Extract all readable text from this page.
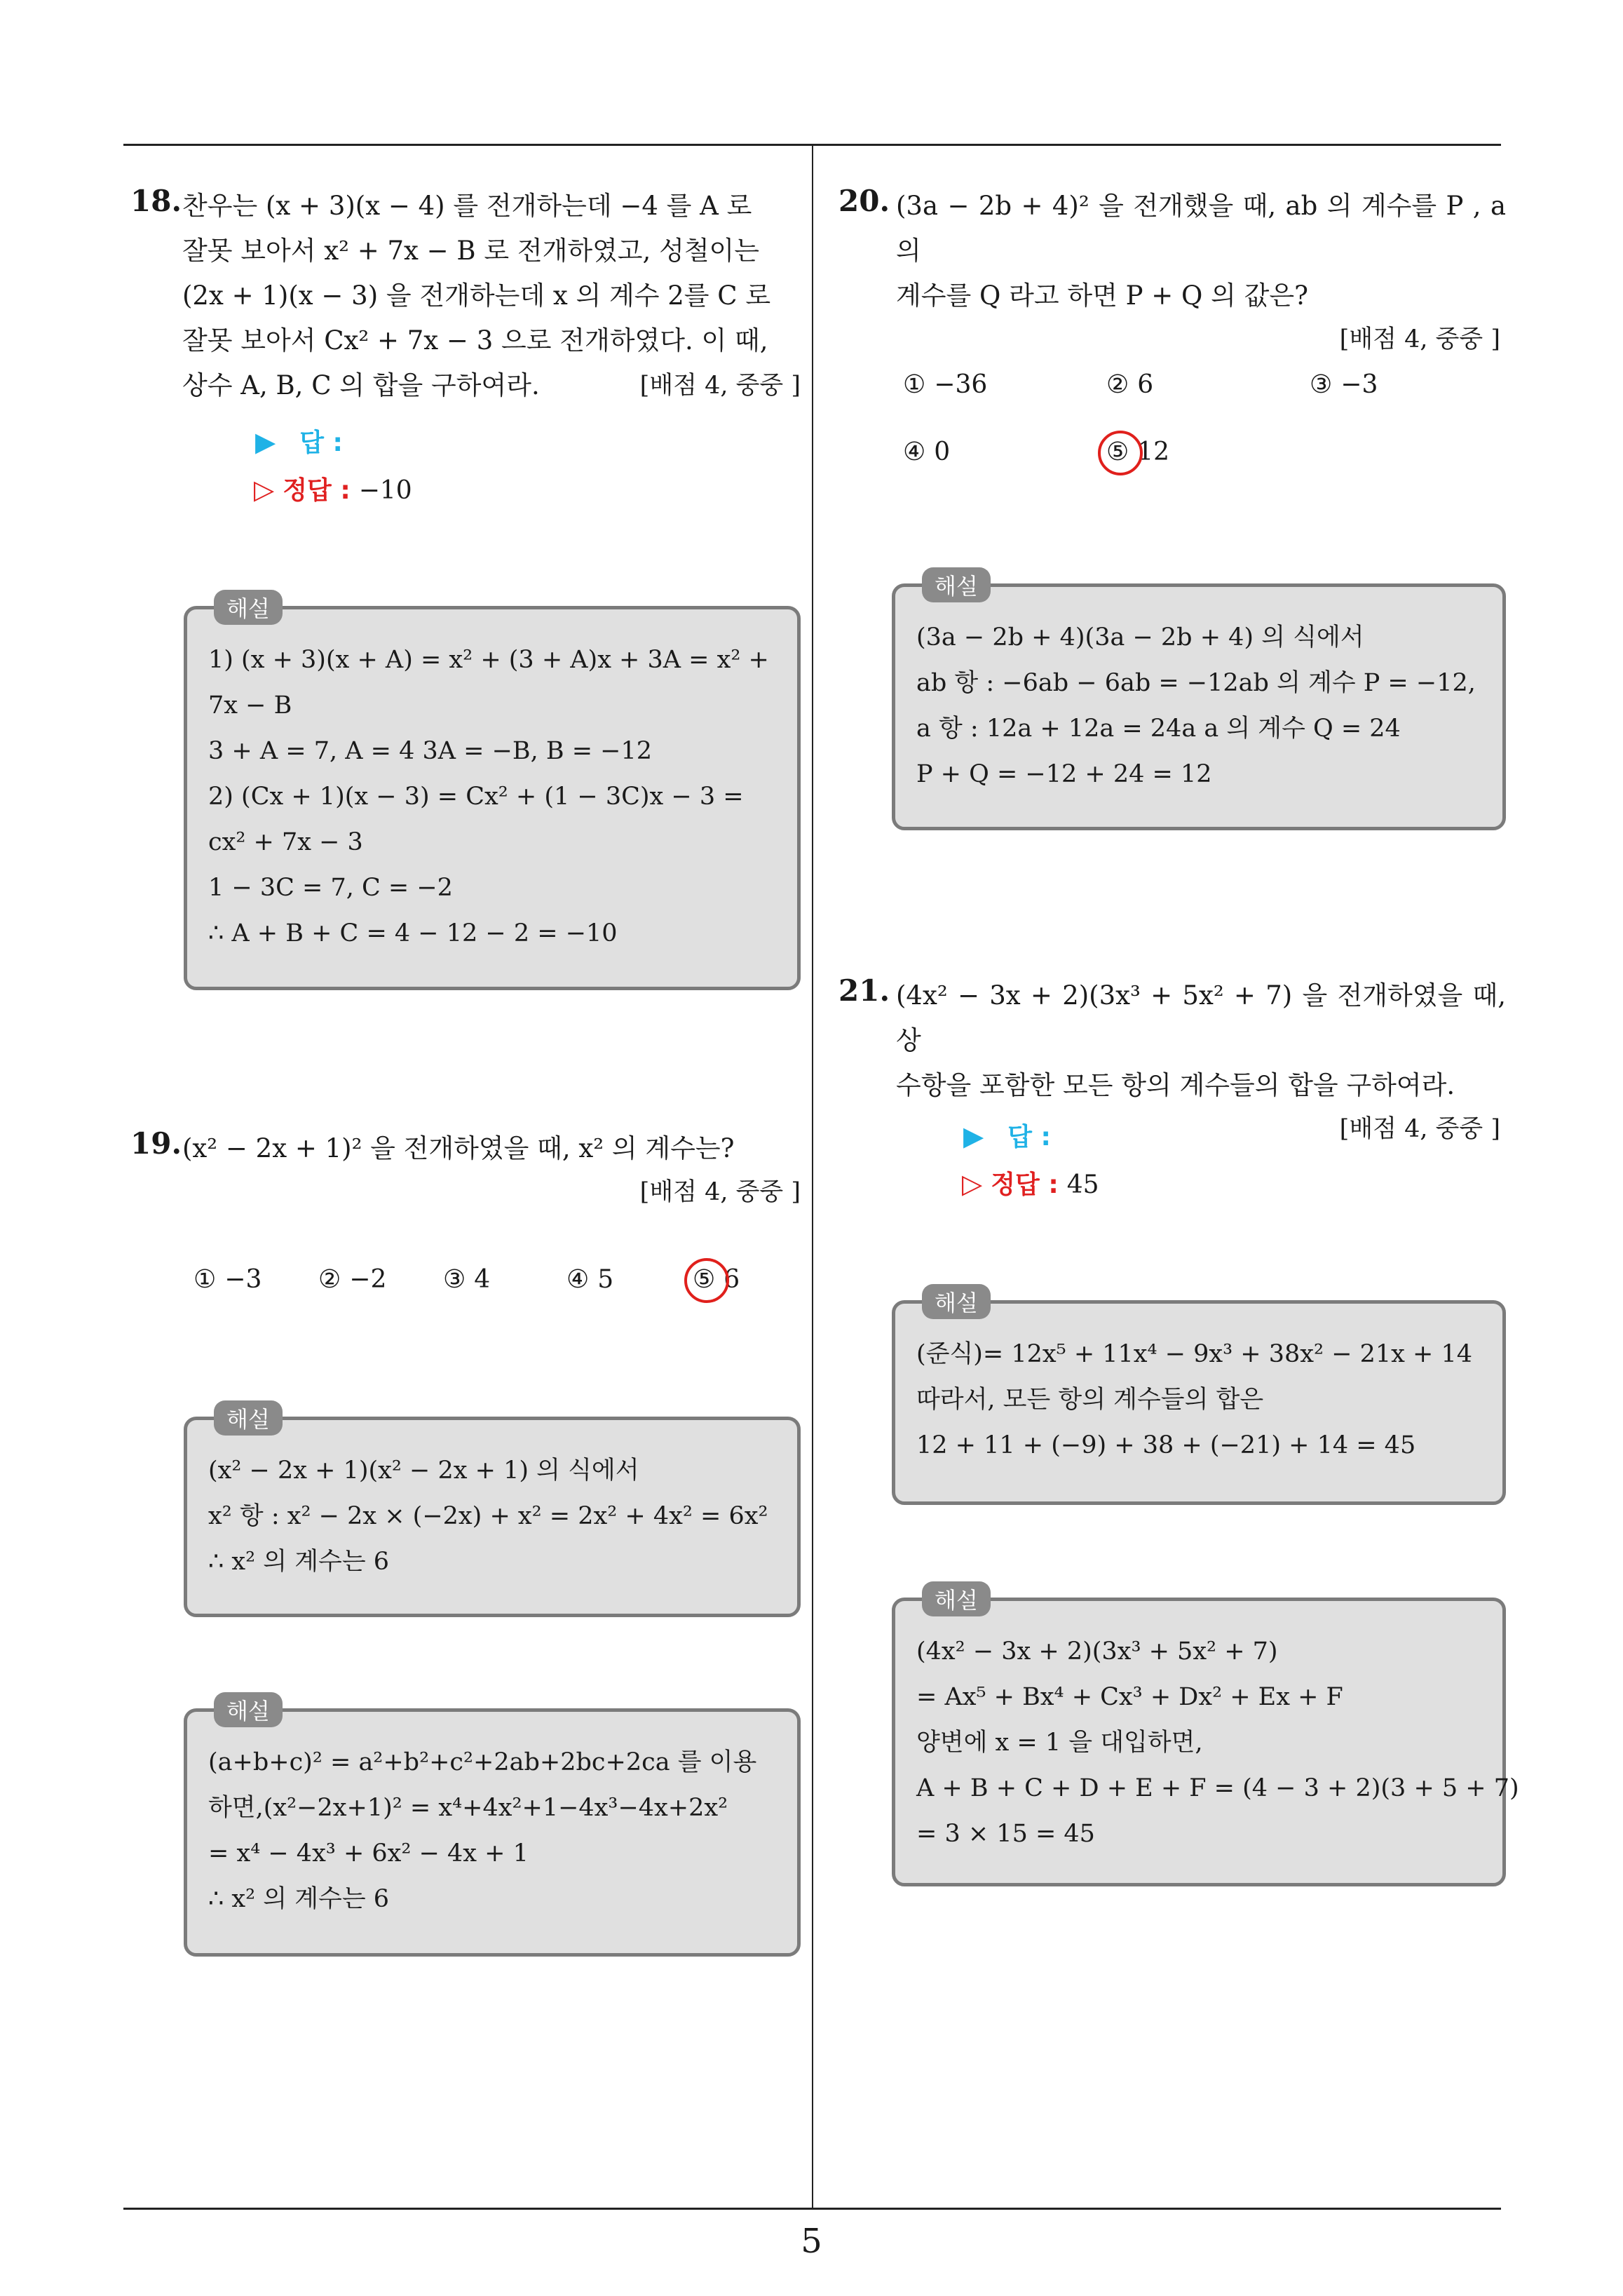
5
18. 찬우는 (x + 3)(x − 4) 를 전개하는데 −4 를 A 로
잘못 보아서 x² + 7x − B 로 전개하였고, 성철이는
(2x + 1)(x − 3) 을 전개하는데 x 의 계수 2를 C 로
잘못 보아서 Cx² + 7x − 3 으로 전개하였다. 이 때,
상수 A, B, C 의 합을 구하여라.	[배점 4, 중중 ]
▶ 답 :
▷ 정답 : −10
해설
1) (x + 3)(x + A) = x² + (3 + A)x + 3A = x² +
7x − B
3 + A = 7, A = 4 3A = −B, B = −12
2) (Cx + 1)(x − 3) = Cx² + (1 − 3C)x − 3 =
cx² + 7x − 3
1 − 3C = 7, C = −2
∴ A + B + C = 4 − 12 − 2 = −10
19. (x² − 2x + 1)² 을 전개하였을 때, x² 의 계수는?
[배점 4, 중중 ]
① −3 ② −2 ③ 4	④ 5	⑤ 6
해설
(x² − 2x + 1)(x² − 2x + 1) 의 식에서
x² 항 : x² − 2x × (−2x) + x² = 2x² + 4x² = 6x²
∴ x² 의 계수는 6
해설
(a+b+c)² = a²+b²+c²+2ab+2bc+2ca 를 이용
하면,(x²−2x+1)² = x⁴+4x²+1−4x³−4x+2x²
= x⁴ − 4x³ + 6x² − 4x + 1
∴ x² 의 계수는 6
20. (3a − 2b + 4)² 을 전개했을 때, ab 의 계수를 P , a 의
계수를 Q 라고 하면 P + Q 의 값은?
[배점 4, 중중 ]
① −36	② 6	③ −3
④ 0	⑤ 12
해설
(3a − 2b + 4)(3a − 2b + 4) 의 식에서
ab 항 : −6ab − 6ab = −12ab 의 계수 P = −12,
a 항 : 12a + 12a = 24a a 의 계수 Q = 24
P + Q = −12 + 24 = 12
21. (4x² − 3x + 2)(3x³ + 5x² + 7) 을 전개하였을 때, 상
수항을 포함한 모든 항의 계수들의 합을 구하여라.
[배점 4, 중중 ]
▶ 답 :
▷ 정답 : 45
해설
(준식)= 12x⁵ + 11x⁴ − 9x³ + 38x² − 21x + 14
따라서, 모든 항의 계수들의 합은
12 + 11 + (−9) + 38 + (−21) + 14 = 45
해설
(4x² − 3x + 2)(3x³ + 5x² + 7)
= Ax⁵ + Bx⁴ + Cx³ + Dx² + Ex + F
양변에 x = 1 을 대입하면,
A + B + C + D + E + F = (4 − 3 + 2)(3 + 5 + 7)
= 3 × 15 = 45
